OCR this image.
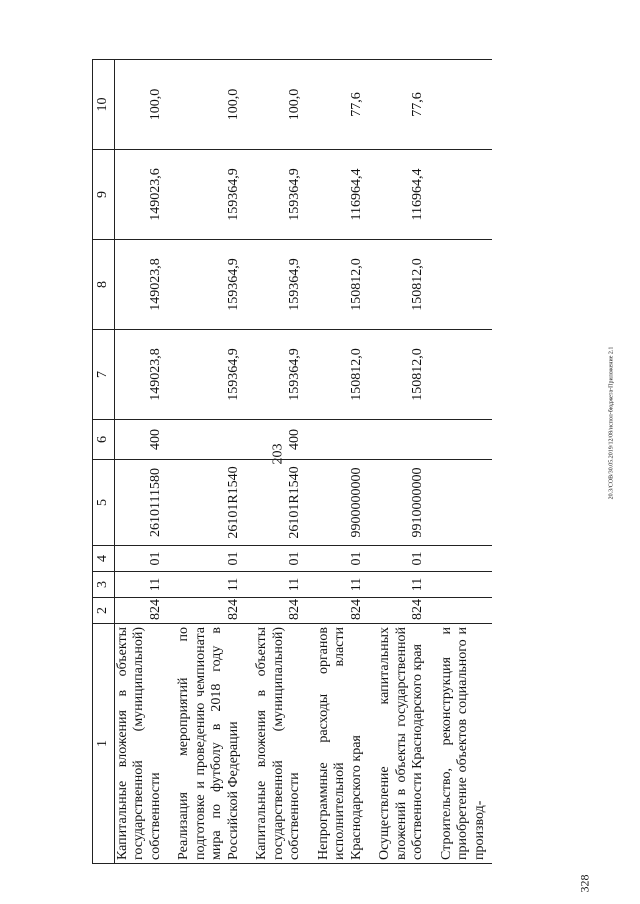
203
328
20.3/СОВ/30.05.2019/12/08/испол-бюджета-Приложение 2.1
1	2	3	4	5	6	7	8	9	10
Капитальные вложения в объекты государственной (муниципальной) собственности	824	11	01	2610111580	400	149023,8	149023,8	149023,6	100,0

Реализация мероприятий по подготовке и проведению чемпионата мира по футболу в 2018 году в Российской Федерации	824	11	01	26101R1540		159364,9	159364,9	159364,9	100,0

Капитальные вложения в объекты государственной (муниципальной) собственности	824	11	01	26101R1540	400	159364,9	159364,9	159364,9	100,0

Непрограммные расходы органов исполнительной власти Краснодарского края	824	11	01	9900000000		150812,0	150812,0	116964,4	77,6

Осуществление капитальных вложений в объекты государственной собственности Краснодарского края	824	11	01	9910000000		150812,0	150812,0	116964,4	77,6

Строительство, реконструкция и приобретение объектов социального и производ-									
